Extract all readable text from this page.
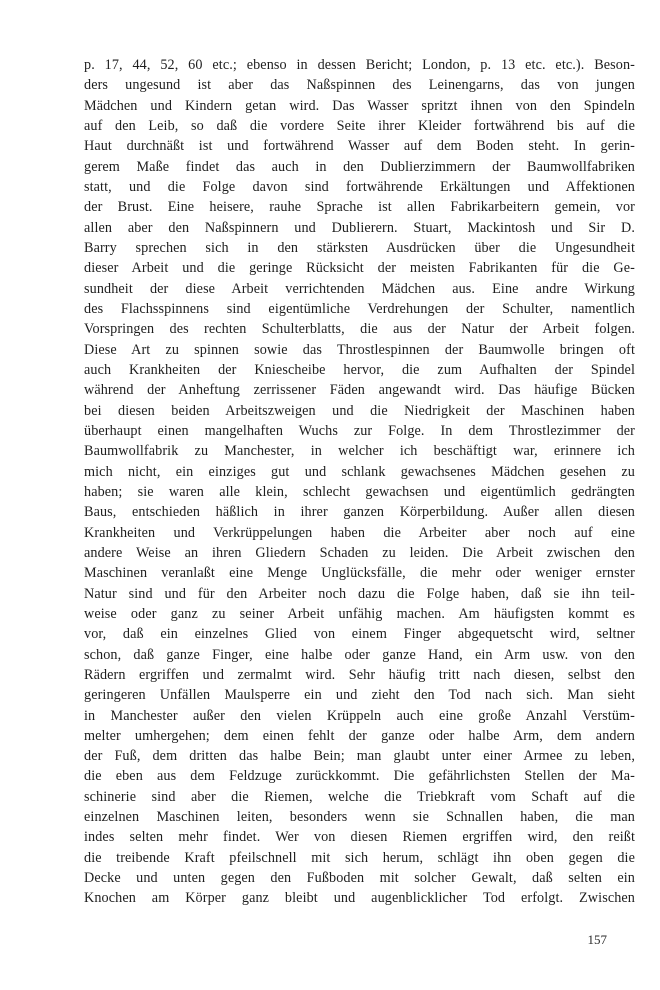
p. 17, 44, 52, 60 etc.; ebenso in dessen Bericht; London, p. 13 etc. etc.). Beson-
ders ungesund ist aber das Naßspinnen des Leinengarns, das von jungen
Mädchen und Kindern getan wird. Das Wasser spritzt ihnen von den Spindeln
auf den Leib, so daß die vordere Seite ihrer Kleider fortwährend bis auf die
Haut durchnäßt ist und fortwährend Wasser auf dem Boden steht. In gerin-
gerem Maße findet das auch in den Dublierzimmern der Baumwollfabriken
statt, und die Folge davon sind fortwährende Erkältungen und Affektionen
der Brust. Eine heisere, rauhe Sprache ist allen Fabrikarbeitern gemein, vor
allen aber den Naßspinnern und Dublierern. Stuart, Mackintosh und Sir D.
Barry sprechen sich in den stärksten Ausdrücken über die Ungesundheit
dieser Arbeit und die geringe Rücksicht der meisten Fabrikanten für die Ge-
sundheit der diese Arbeit verrichtenden Mädchen aus. Eine andre Wirkung
des Flachsspinnens sind eigentümliche Verdrehungen der Schulter, namentlich
Vorspringen des rechten Schulterblatts, die aus der Natur der Arbeit folgen.
Diese Art zu spinnen sowie das Throstlespinnen der Baumwolle bringen oft
auch Krankheiten der Kniescheibe hervor, die zum Aufhalten der Spindel
während der Anheftung zerrissener Fäden angewandt wird. Das häufige Bücken
bei diesen beiden Arbeitszweigen und die Niedrigkeit der Maschinen haben
überhaupt einen mangelhaften Wuchs zur Folge. In dem Throstlezimmer der
Baumwollfabrik zu Manchester, in welcher ich beschäftigt war, erinnere ich
mich nicht, ein einziges gut und schlank gewachsenes Mädchen gesehen zu
haben; sie waren alle klein, schlecht gewachsen und eigentümlich gedrängten
Baus, entschieden häßlich in ihrer ganzen Körperbildung. Außer allen diesen
Krankheiten und Verkrüppelungen haben die Arbeiter aber noch auf eine
andere Weise an ihren Gliedern Schaden zu leiden. Die Arbeit zwischen den
Maschinen veranlaßt eine Menge Unglücksfälle, die mehr oder weniger ernster
Natur sind und für den Arbeiter noch dazu die Folge haben, daß sie ihn teil-
weise oder ganz zu seiner Arbeit unfähig machen. Am häufigsten kommt es
vor, daß ein einzelnes Glied von einem Finger abgequetscht wird, seltner
schon, daß ganze Finger, eine halbe oder ganze Hand, ein Arm usw. von den
Rädern ergriffen und zermalmt wird. Sehr häufig tritt nach diesen, selbst den
geringeren Unfällen Maulsperre ein und zieht den Tod nach sich. Man sieht
in Manchester außer den vielen Krüppeln auch eine große Anzahl Verstüm-
melter umhergehen; dem einen fehlt der ganze oder halbe Arm, dem andern
der Fuß, dem dritten das halbe Bein; man glaubt unter einer Armee zu leben,
die eben aus dem Feldzuge zurückkommt. Die gefährlichsten Stellen der Ma-
schinerie sind aber die Riemen, welche die Triebkraft vom Schaft auf die
einzelnen Maschinen leiten, besonders wenn sie Schnallen haben, die man
indes selten mehr findet. Wer von diesen Riemen ergriffen wird, den reißt
die treibende Kraft pfeilschnell mit sich herum, schlägt ihn oben gegen die
Decke und unten gegen den Fußboden mit solcher Gewalt, daß selten ein
Knochen am Körper ganz bleibt und augenblicklicher Tod erfolgt. Zwischen
157
